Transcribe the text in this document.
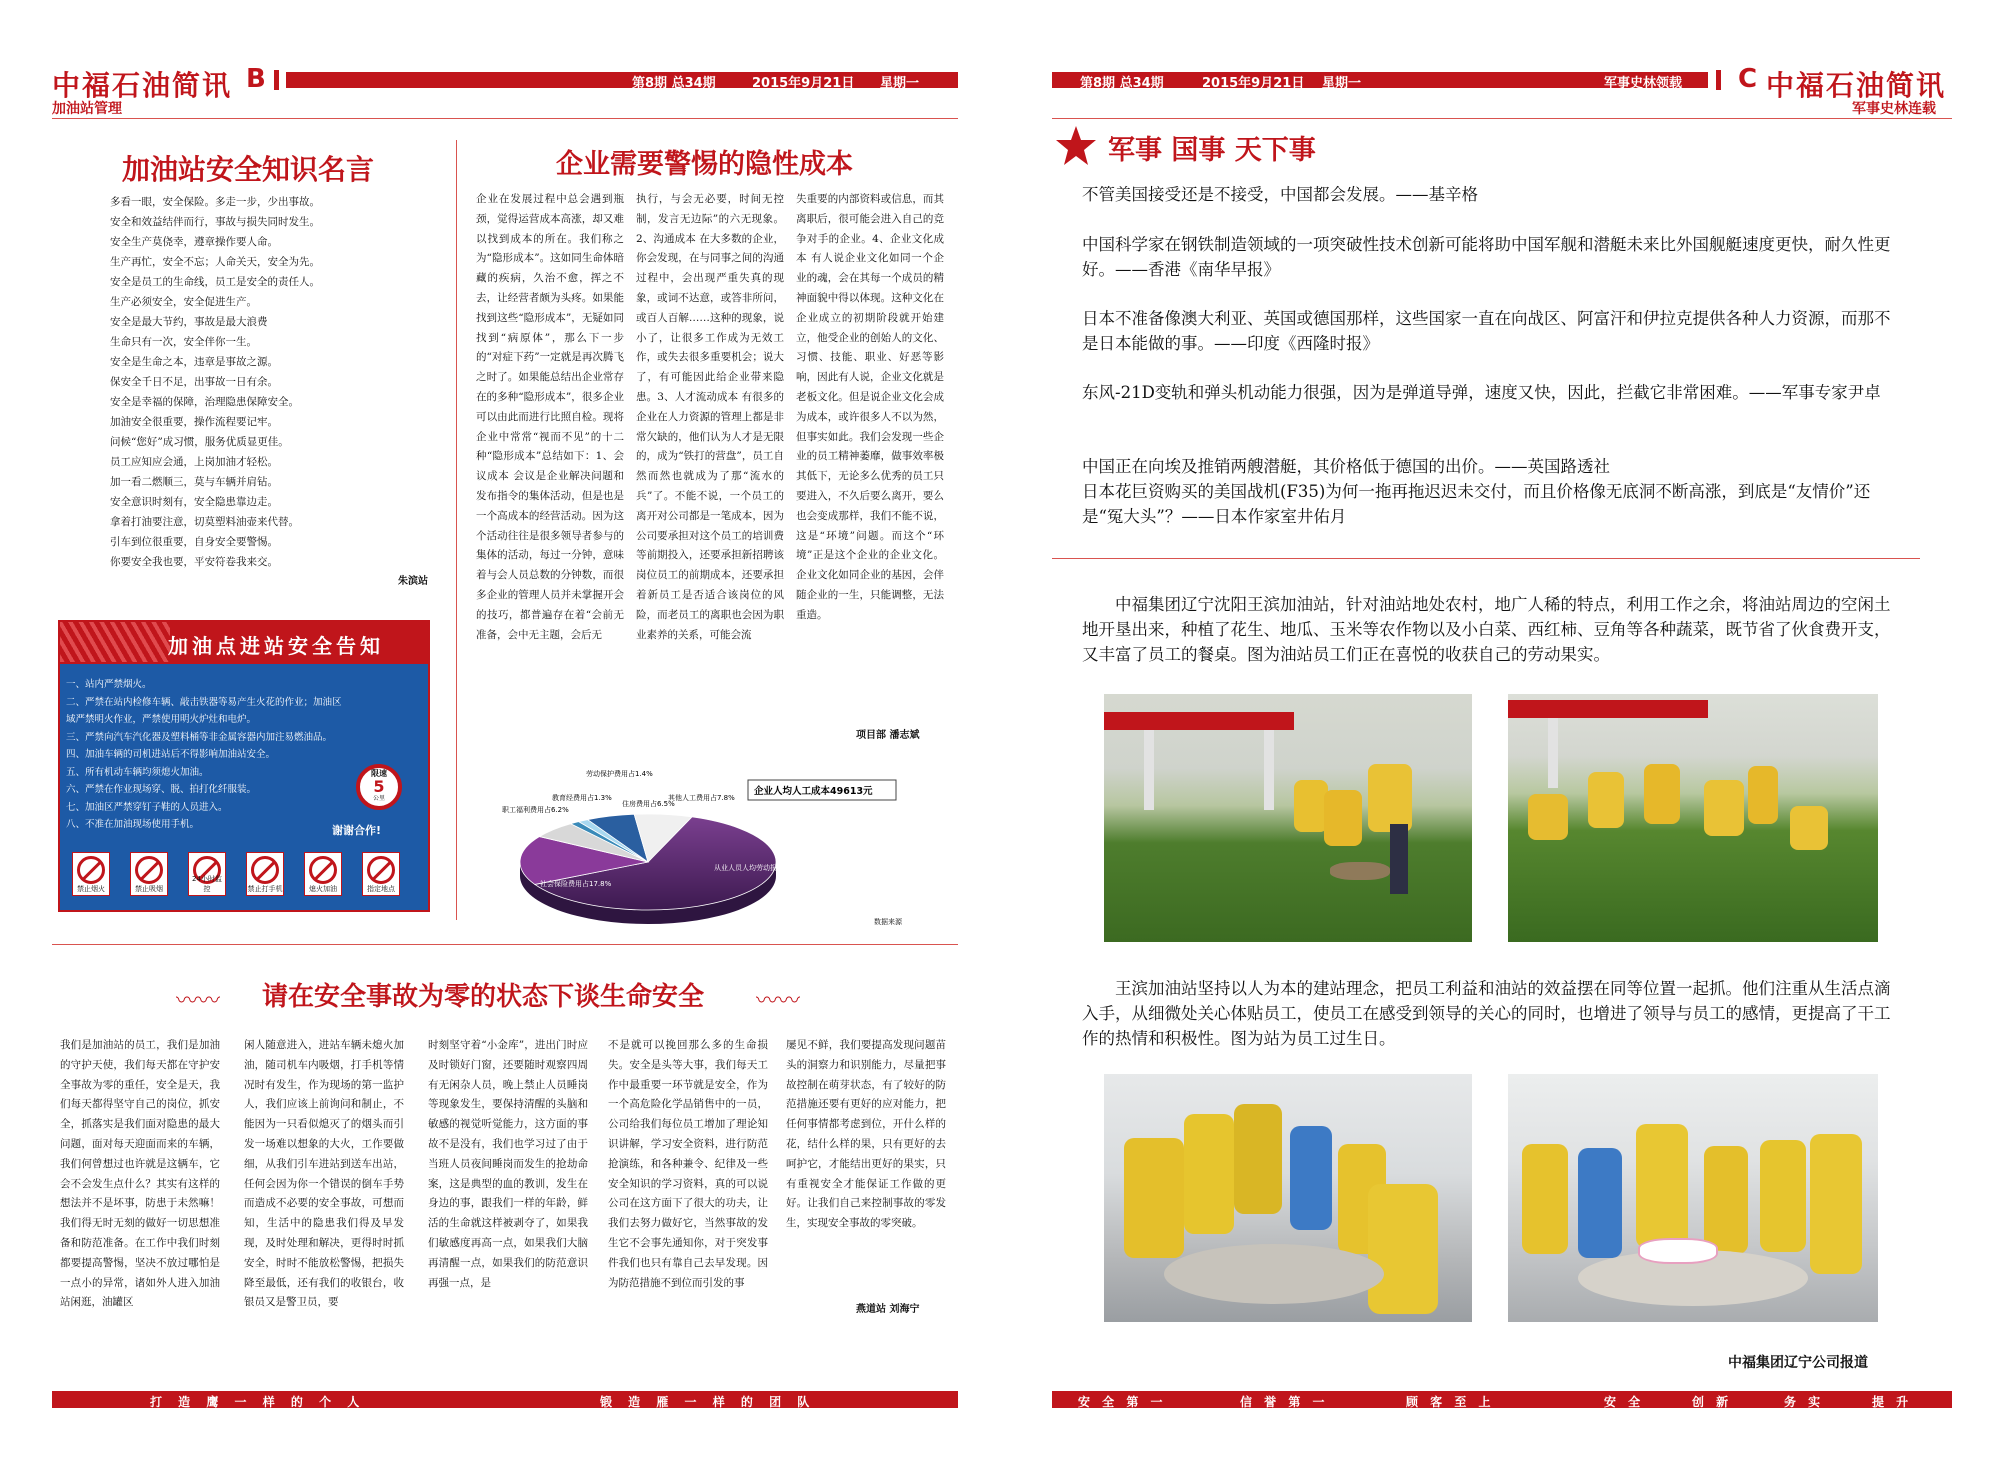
中福石油简讯 B
加油站管理
第8期 总34期	2015年9月21日 星期一
加油站安全知识名言
多看一眼，安全保险。多走一步，少出事故。
安全和效益结伴而行，事故与损失同时发生。
安全生产莫侥幸，遵章操作要人命。
生产再忙，安全不忘；人命关天，安全为先。
安全是员工的生命线，员工是安全的责任人。
生产必须安全，安全促进生产。
安全是最大节约，事故是最大浪费
生命只有一次，安全伴你一生。
安全是生命之本，违章是事故之源。
保安全千日不足，出事故一日有余。
安全是幸福的保障，治理隐患保障安全。
加油安全很重要，操作流程要记牢。
问候“您好”成习惯，服务优质显更佳。
员工应知应会通，上岗加油才轻松。
加一看二燃顺三，莫与车辆并肩钻。
安全意识时刻有，安全隐患靠边走。
拿着打油要注意，切莫塑料油壶来代替。
引车到位很重要，自身安全要警惕。
你要安全我也要，平安符卷我来交。
朱滨站
加油点进站安全告知
一、站内严禁烟火。
二、严禁在站内检修车辆、敲击铁器等易产生火花的作业；加油区域严禁明火作业，严禁使用明火炉灶和电炉。
三、严禁向汽车汽化器及塑料桶等非金属容器内加注易燃油品。
四、加油车辆的司机进站后不得影响加油站安全。
五、所有机动车辆均须熄火加油。
六、严禁在作业现场穿、脱、拍打化纤服装。
七、加油区严禁穿钉子鞋的人员进入。
八、不准在加油现场使用手机。	谢谢合作!
限速
5
公里
禁止烟火	禁止吸烟
24小时监控	禁止打手机	熄火加油	指定地点
企业需要警惕的隐性成本
企业在发展过程中总会遇到瓶颈，觉得运营成本高涨，却又难以找到成本的所在。我们称之为“隐形成本”。这如同生命体暗藏的疾病，久治不愈，挥之不去，让经营者颇为头疼。如果能找到这些“隐形成本”，无疑如同找到“病原体”，那么下一步的“对症下药”一定就是再次腾飞之时了。如果能总结出企业常存在的多种“隐形成本”，很多企业可以由此而进行比照自检。现将企业中常常“视而不见”的十二种“隐形成本”总结如下：1、会议成本 会议是企业解决问题和发布指令的集体活动，但是也是一个高成本的经营活动。因为这个活动往往是很多领导者参与的集体的活动，每过一分钟，意味着与会人员总数的分钟数，而很多企业的管理人员并未掌握开会的技巧，都普遍存在着“会前无准备，会中无主题，会后无
执行，与会无必要，时间无控制，发言无边际”的六无现象。2、沟通成本 在大多数的企业，你会发现，在与同事之间的沟通过程中，会出现严重失真的现象，或词不达意，或答非所问，或百人百解……这种的现象，说小了，让很多工作成为无效工作，或失去很多重要机会；说大了，有可能因此给企业带来隐患。3、人才流动成本 有很多的企业在人力资源的管理上都是非常欠缺的，他们认为人才是无限的，成为“铁打的营盘”，员工自然而然也就成为了那“流水的兵”了。不能不说，一个员工的离开对公司都是一笔成本，因为公司要承担对这个员工的培训费等前期投入，还要承担新招聘该岗位员工的前期成本，还要承担着新员工是否适合该岗位的风险，而老员工的离职也会因为职业素养的关系，可能会流
失重要的内部资料或信息，而其离职后，很可能会进入自己的竞争对手的企业。4、企业文化成本 有人说企业文化如同一个企业的魂，会在其每一个成员的精神面貌中得以体现。这种文化在企业成立的初期阶段就开始建立，他受企业的创始人的文化、习惯、技能、职业、好恶等影响，因此有人说，企业文化就是老板文化。但是说企业文化会成为成本，或许很多人不以为然，但事实如此。我们会发现一些企业的员工精神萎靡，做事效率极其低下，无论多么优秀的员工只要进入，不久后要么离开，要么也会变成那样，我们不能不说，这是“环境”问题。而这个“环境”正是这个企业的企业文化。企业文化如同企业的基因，会伴随企业的一生，只能调整，无法重造。
项目部 潘志斌
企业人均人工成本49613元
职工福利费用占6.2%
教育经费用占1.3%
劳动保护费用占1.4%
住房费用占6.5%
其他人工费用占7.8%
社会保险费用占17.8%
从业人员人均劳动报酬占65.60%
数据来源
〰〰 请在安全事故为零的状态下谈生命安全 〰〰
我们是加油站的员工，我们是加油的守护天使，我们每天都在守护安全事故为零的重任，安全是天，我们每天都得坚守自己的岗位，抓安全，抓落实是我们面对隐患的最大问题，面对每天迎面而来的车辆，我们何曾想过也许就是这辆车，它会不会发生点什么？其实有这样的想法并不是坏事，防患于未然嘛！我们得无时无刻的做好一切思想准备和防范准备。在工作中我们时刻都要提高警惕，坚决不放过哪怕是一点小的异常，诸如外人进入加油站闲逛，油罐区
闲人随意进入，进站车辆未熄火加油，随司机车内吸烟，打手机等情况时有发生，作为现场的第一监护人，我们应该上前询问和制止，不能因为一只看似熄灭了的烟头而引发一场难以想象的大火，工作要做细，从我们引车进站到送车出站，任何会因为你一个错误的倒车手势而造成不必要的安全事故，可想而知，生活中的隐患我们得及早发现，及时处理和解决，更得时时抓安全，时时不能放松警惕，把损失降至最低，还有我们的收银台，收银员又是警卫员，要
时刻坚守着“小金库”，进出门时应及时锁好门窗，还要随时观察四周有无闲杂人员，晚上禁止人员睡岗等现象发生，要保持清醒的头脑和敏感的视觉听觉能力，这方面的事故不是没有，我们也学习过了由于当班人员夜间睡岗而发生的抢劫命案，这是典型的血的教训，发生在身边的事，跟我们一样的年龄，鲜活的生命就这样被剥夺了，如果我们敏感度再高一点，如果我们大脑再清醒一点，如果我们的防范意识再强一点，是
不是就可以挽回那么多的生命损失。安全是头等大事，我们每天工作中最重要一环节就是安全，作为一个高危险化学品销售中的一员，公司给我们每位员工增加了理论知识讲解，学习安全资料，进行防范抢演练，和各种兼令、纪律及一些安全知识的学习资料，真的可以说公司在这方面下了很大的功夫，让我们去努力做好它，当然事故的发生它不会事先通知你，对于突发事件我们也只有靠自己去早发现。因为防范措施不到位而引发的事
屡见不鲜，我们要提高发现问题苗头的洞察力和识别能力，尽量把事故控制在萌芽状态，有了较好的防范措施还要有更好的应对能力，把任何事情都考虑到位，开什么样的花，结什么样的果，只有更好的去呵护它，才能结出更好的果实，只有重视安全才能保证工作做的更好。让我们自己来控制事故的零发生，实现安全事故的零突破。
燕道站 刘海宁
打 造 鹰 一 样 的 个 人	锻 造 雁 一 样 的 团 队
第8期 总34期	2015年9月21日 星期一	军事史林领载 C 中福石油简讯
军事史林连载
军事 国事 天下事
不管美国接受还是不接受，中国都会发展。——基辛格
中国科学家在钢铁制造领域的一项突破性技术创新可能将助中国军舰和潜艇未来比外国舰艇速度更快，耐久性更好。——香港《南华早报》
日本不准备像澳大利亚、英国或德国那样，这些国家一直在向战区、阿富汗和伊拉克提供各种人力资源，而那不是日本能做的事。——印度《西隆时报》
东风-21D变轨和弹头机动能力很强，因为是弹道导弹，速度又快，因此，拦截它非常困难。——军事专家尹卓
中国正在向埃及推销两艘潜艇，其价格低于德国的出价。——英国路透社
日本花巨资购买的美国战机(F35)为何一拖再拖迟迟未交付，而且价格像无底洞不断高涨，到底是“友情价”还是“冤大头”？——日本作家室井佑月
中福集团辽宁沈阳王滨加油站，针对油站地处农村，地广人稀的特点，利用工作之余，将油站周边的空闲土地开垦出来，种植了花生、地瓜、玉米等农作物以及小白菜、西红柿、豆角等各种蔬菜，既节省了伙食费开支，又丰富了员工的餐桌。图为油站员工们正在喜悦的收获自己的劳动果实。
王滨加油站坚持以人为本的建站理念，把员工利益和油站的效益摆在同等位置一起抓。他们注重从生活点滴入手，从细微处关心体贴员工，使员工在感受到领导的关心的同时，也增进了领导与员工的感情，更提高了干工作的热情和积极性。图为站为员工过生日。
中福集团辽宁公司报道
安 全 第 一	信 誉 第 一	顾 客 至 上	安 全	创 新	务 实	提 升
